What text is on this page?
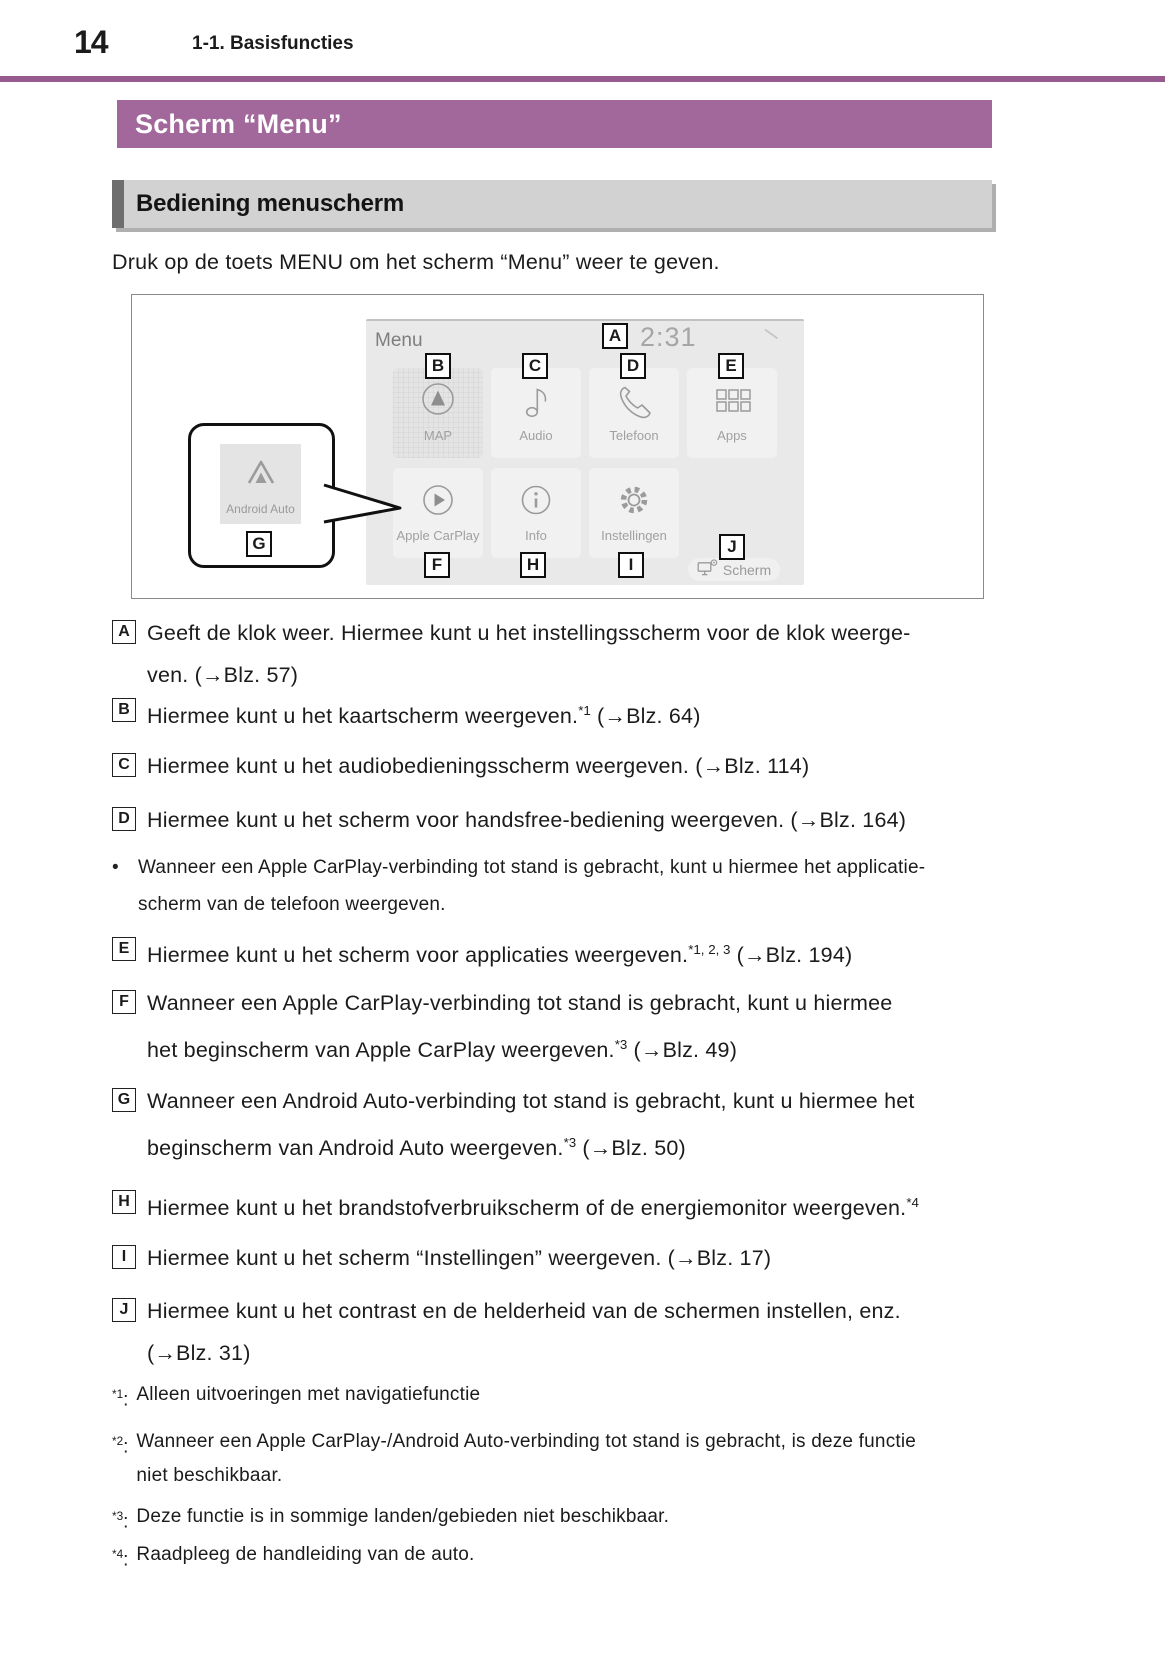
14	1-1. Basisfuncties
Scherm “Menu”
Bediening menuscherm
Druk op de toets MENU om het scherm “Menu” weer te geven.
Menu	2:31
MAP	Audio	Telefoon	Apps
Apple CarPlay	Info	Instellingen
Scherm
Android Auto
A
B	C	D	E
F
G
H	I
J
A Geeft de klok weer. Hiermee kunt u het instellingsscherm voor de klok weerge-
ven. (→Blz. 57)
B Hiermee kunt u het kaartscherm weergeven.$^{*1}$ (→Blz. 64)
C Hiermee kunt u het audiobedieningsscherm weergeven. (→Blz. 114)
D Hiermee kunt u het scherm voor handsfree-bediening weergeven. (→Blz. 164)
•	Wanneer een Apple CarPlay-verbinding tot stand is gebracht, kunt u hiermee het applicatie-
scherm van de telefoon weergeven.
E Hiermee kunt u het scherm voor applicaties weergeven.$^{*1, 2, 3}$ (→Blz. 194)
F Wanneer een Apple CarPlay-verbinding tot stand is gebracht, kunt u hiermee
het beginscherm van Apple CarPlay weergeven.$^{*3}$ (→Blz. 49)
G Wanneer een Android Auto-verbinding tot stand is gebracht, kunt u hiermee het
beginscherm van Android Auto weergeven.$^{*3}$ (→Blz. 50)
H Hiermee kunt u het brandstofverbruikscherm of de energiemonitor weergeven.$^{*4}$
I Hiermee kunt u het scherm “Instellingen” weergeven. (→Blz. 17)
J Hiermee kunt u het contrast en de helderheid van de schermen instellen, enz.
(→Blz. 31)
$^{*1}$: Alleen uitvoeringen met navigatiefunctie
$^{*2}$: Wanneer een Apple CarPlay-/Android Auto-verbinding tot stand is gebracht, is deze functie
niet beschikbaar.
$^{*3}$: Deze functie is in sommige landen/gebieden niet beschikbaar.
$^{*4}$: Raadpleeg de handleiding van de auto.
